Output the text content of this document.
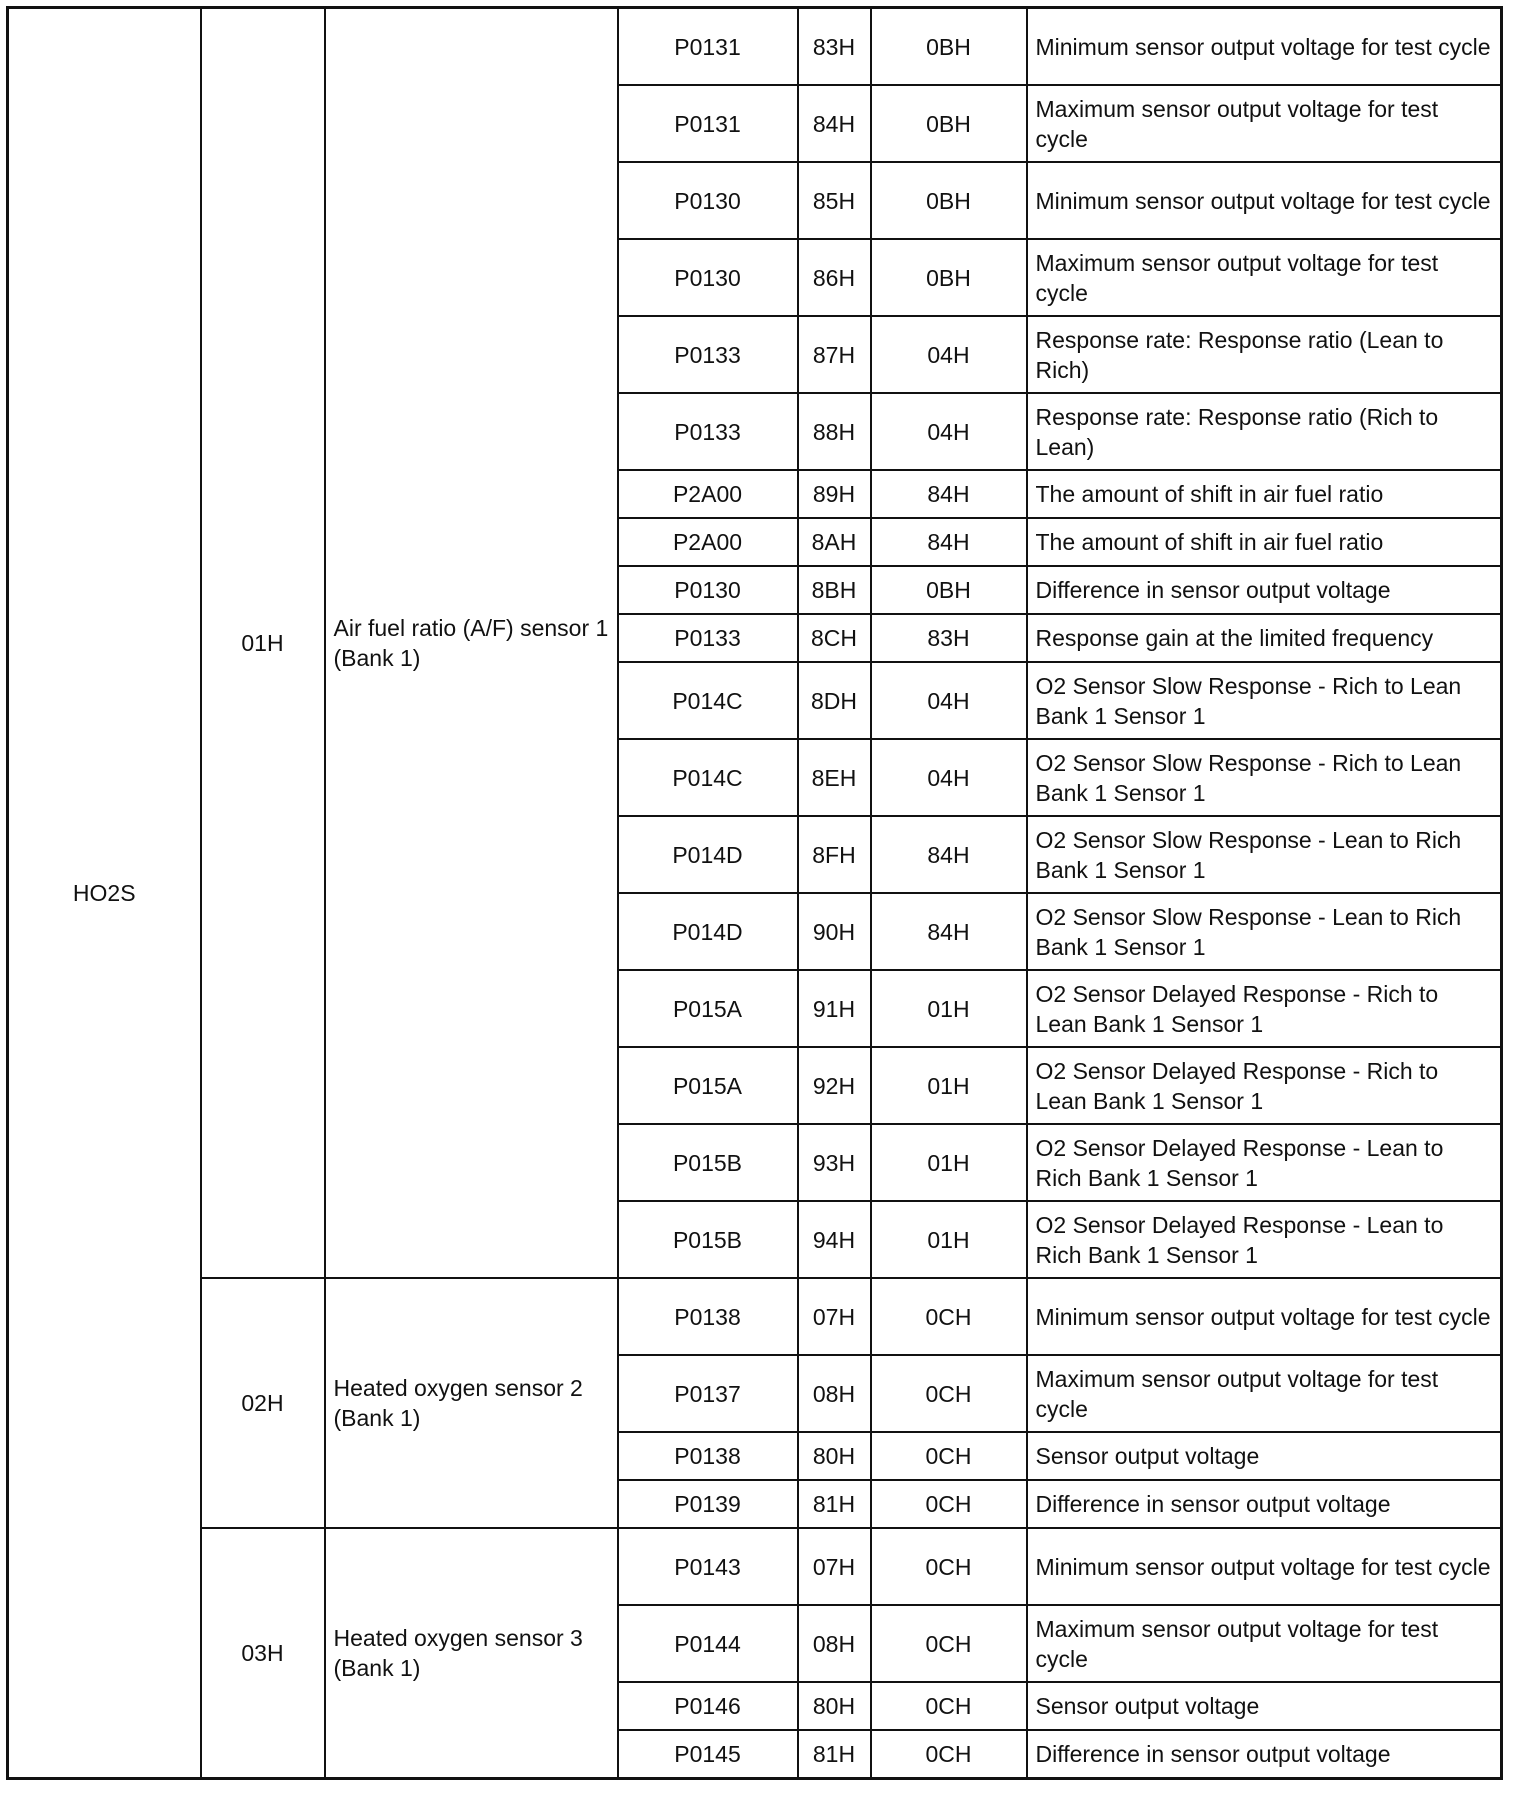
HO2S	01H	Air fuel ratio (A/F) sensor 1 (Bank 1)	P0131	83H	0BH	Minimum sensor output voltage for test cycle
			P0131	84H	0BH	Maximum sensor output voltage for test cycle
			P0130	85H	0BH	Minimum sensor output voltage for test cycle
			P0130	86H	0BH	Maximum sensor output voltage for test cycle
			P0133	87H	04H	Response rate: Response ratio (Lean to Rich)
			P0133	88H	04H	Response rate: Response ratio (Rich to Lean)
			P2A00	89H	84H	The amount of shift in air fuel ratio
			P2A00	8AH	84H	The amount of shift in air fuel ratio
			P0130	8BH	0BH	Difference in sensor output voltage
			P0133	8CH	83H	Response gain at the limited frequency
			P014C	8DH	04H	O2 Sensor Slow Response - Rich to Lean Bank 1 Sensor 1
			P014C	8EH	04H	O2 Sensor Slow Response - Rich to Lean Bank 1 Sensor 1
			P014D	8FH	84H	O2 Sensor Slow Response - Lean to Rich Bank 1 Sensor 1
			P014D	90H	84H	O2 Sensor Slow Response - Lean to Rich Bank 1 Sensor 1
			P015A	91H	01H	O2 Sensor Delayed Response - Rich to Lean Bank 1 Sensor 1
			P015A	92H	01H	O2 Sensor Delayed Response - Rich to Lean Bank 1 Sensor 1
			P015B	93H	01H	O2 Sensor Delayed Response - Lean to Rich Bank 1 Sensor 1
			P015B	94H	01H	O2 Sensor Delayed Response - Lean to Rich Bank 1 Sensor 1
	02H	Heated oxygen sensor 2 (Bank 1)	P0138	07H	0CH	Minimum sensor output voltage for test cycle
			P0137	08H	0CH	Maximum sensor output voltage for test cycle
			P0138	80H	0CH	Sensor output voltage
			P0139	81H	0CH	Difference in sensor output voltage
	03H	Heated oxygen sensor 3 (Bank 1)	P0143	07H	0CH	Minimum sensor output voltage for test cycle
			P0144	08H	0CH	Maximum sensor output voltage for test cycle
			P0146	80H	0CH	Sensor output voltage
			P0145	81H	0CH	Difference in sensor output voltage
